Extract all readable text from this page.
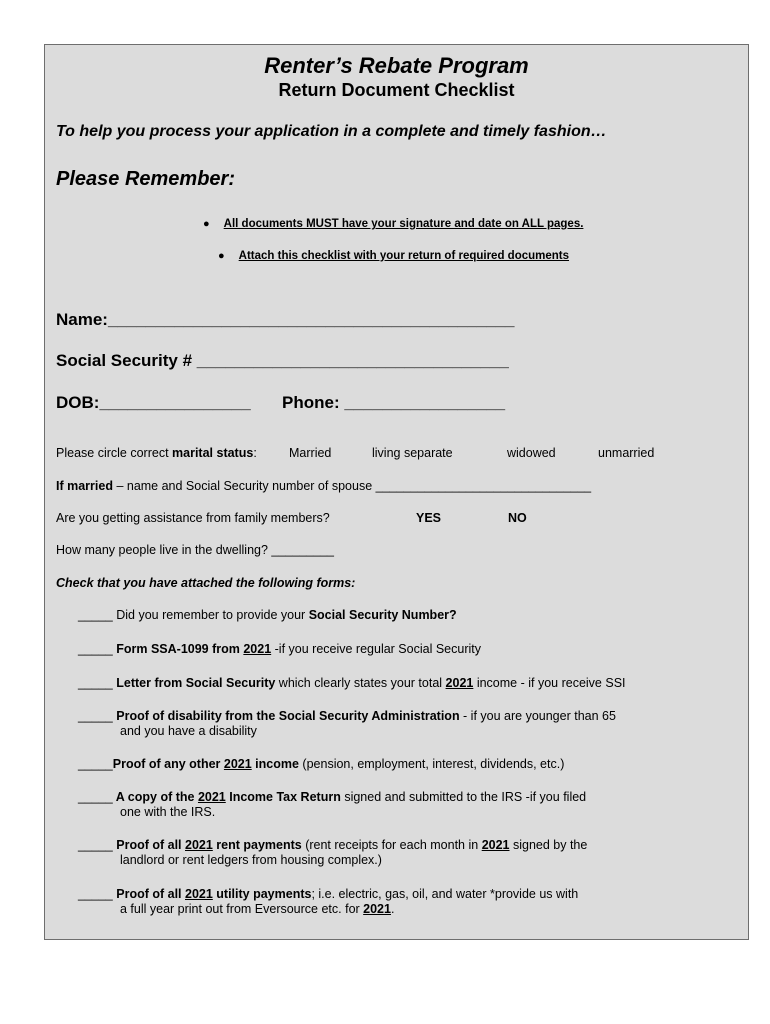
Renter’s Rebate Program
Return Document Checklist
To help you process your application in a complete and timely fashion…
Please Remember:
● All documents MUST have your signature and date on ALL pages.
● Attach this checklist with your return of required documents
Name:___________________________________________
Social Security # _________________________________
DOB:________________ Phone: _________________
Please circle correct marital status:	Married	living separate	widowed	unmarried
If married – name and Social Security number of spouse _______________________________
Are you getting assistance from family members?	YES	NO
How many people live in the dwelling? _________
Check that you have attached the following forms:
_____ Did you remember to provide your Social Security Number?
_____ Form SSA-1099 from 2021 -if you receive regular Social Security
_____ Letter from Social Security which clearly states your total 2021 income - if you receive SSI
_____ Proof of disability from the Social Security Administration - if you are younger than 65
and you have a disability
_____Proof of any other 2021 income (pension, employment, interest, dividends, etc.)
_____ A copy of the 2021 Income Tax Return signed and submitted to the IRS -if you filed
one with the IRS.
_____ Proof of all 2021 rent payments (rent receipts for each month in 2021 signed by the
landlord or rent ledgers from housing complex.)
_____ Proof of all 2021 utility payments; i.e. electric, gas, oil, and water *provide us with
a full year print out from Eversource etc. for 2021.
